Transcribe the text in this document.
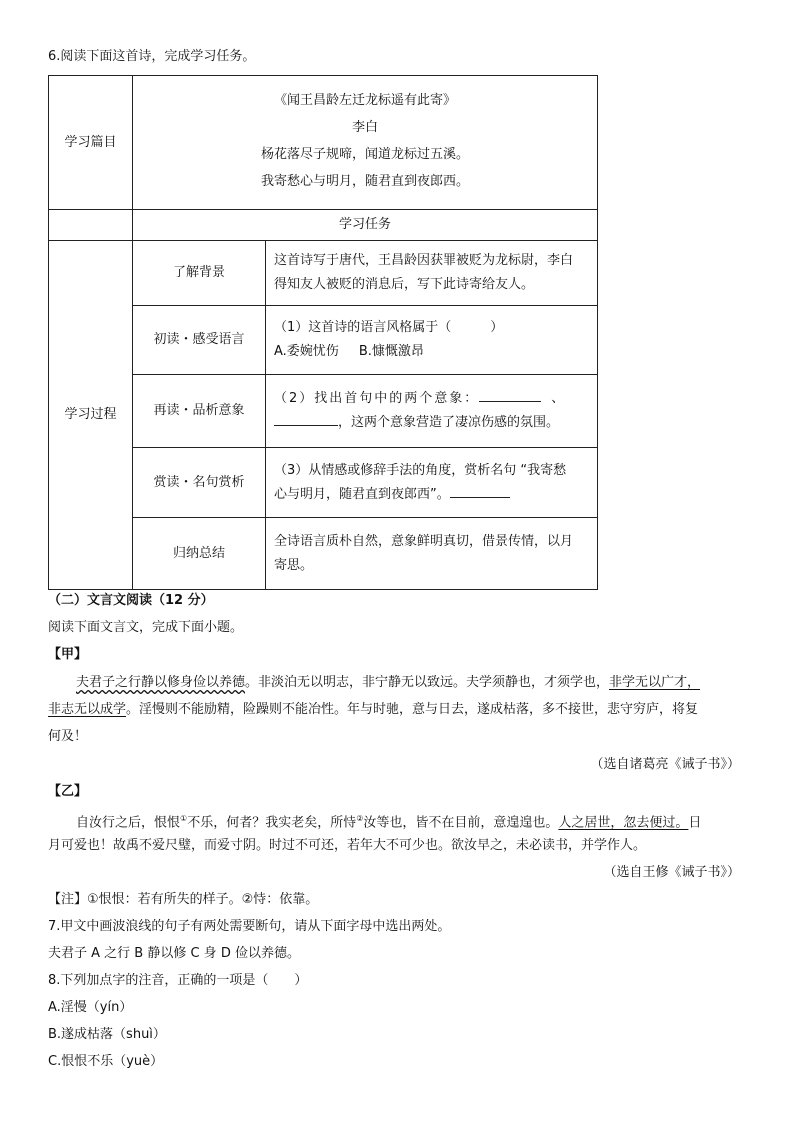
6.阅读下面这首诗，完成学习任务。
学习篇目	《闻王昌龄左迁龙标遥有此寄》
李白
杨花落尽子规啼，闻道龙标过五溪。
我寄愁心与明月，随君直到夜郎西。	

	学习任务	
学习过程	了解背景	这首诗写于唐代，王昌龄因获罪被贬为龙标尉，李白
得知友人被贬的消息后，写下此诗寄给友人。

	初读・感受语言	（1）这首诗的语言风格属于（　　　）
A.委婉忧伤 B.慷慨激昂

	再读・品析意象	（2）找出首句中的两个意象： 、
，这两个意象营造了凄凉伤感的氛围。

	赏读・名句赏析	（3）从情感或修辞手法的角度，赏析名句 “我寄愁
心与明月，随君直到夜郎西”。

	归纳总结	全诗语言质朴自然，意象鲜明真切，借景传情，以月
寄思。
（二）文言文阅读（12 分）
阅读下面文言文，完成下面小题。
【甲】
夫君子之行静以修身俭以养德。非淡泊无以明志，非宁静无以致远。夫学须静也，才须学也，非学无以广才，
非志无以成学。淫慢则不能励精，险躁则不能冶性。年与时驰，意与日去，遂成枯落，多不接世，悲守穷庐，将复
何及！
（选自诸葛亮《诫子书》）
【乙】
自汝行之后，恨恨①不乐，何者？我实老矣，所恃②汝等也，皆不在目前，意遑遑也。人之居世，忽去便过。日
月可爱也！故禹不爱尺璧，而爱寸阴。时过不可还，若年大不可少也。欲汝早之，未必读书，并学作人。
（选自王修《诫子书》）
【注】①恨恨：若有所失的样子。②恃：依靠。
7.甲文中画波浪线的句子有两处需要断句，请从下面字母中选出两处。
夫君子 A 之行 B 静以修 C 身 D 俭以养德。
8.下列加点字的注音，正确的一项是（　　）
A.淫慢（yín）
B.遂成枯落（shuì）
C.恨恨不乐（yuè）
